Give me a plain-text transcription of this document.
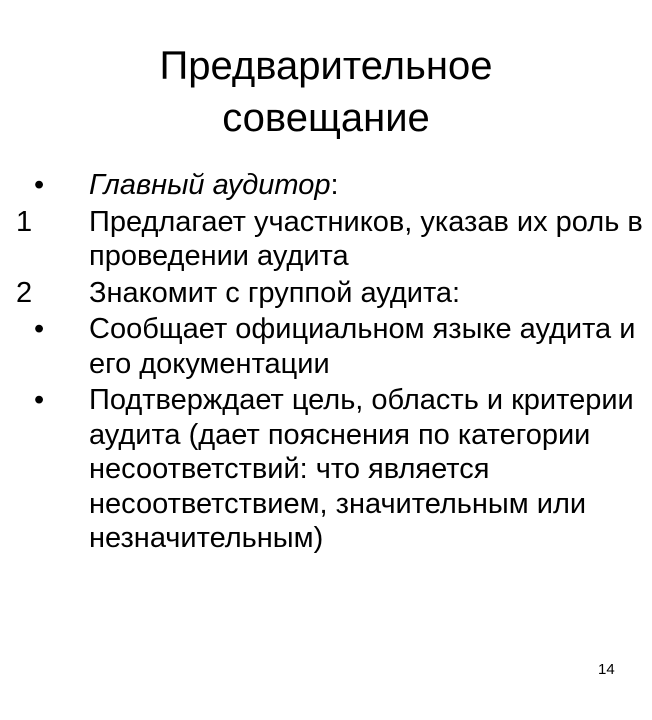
Предварительное
совещание
• Главный аудитор:
1 Предлагает участников, указав их роль в проведении аудита
2 Знакомит с группой аудита:
• Сообщает официальном языке аудита и его документации
• Подтверждает цель, область и критерии аудита (дает пояснения по категории несоответствий: что является несоответствием, значительным или незначительным)
14
